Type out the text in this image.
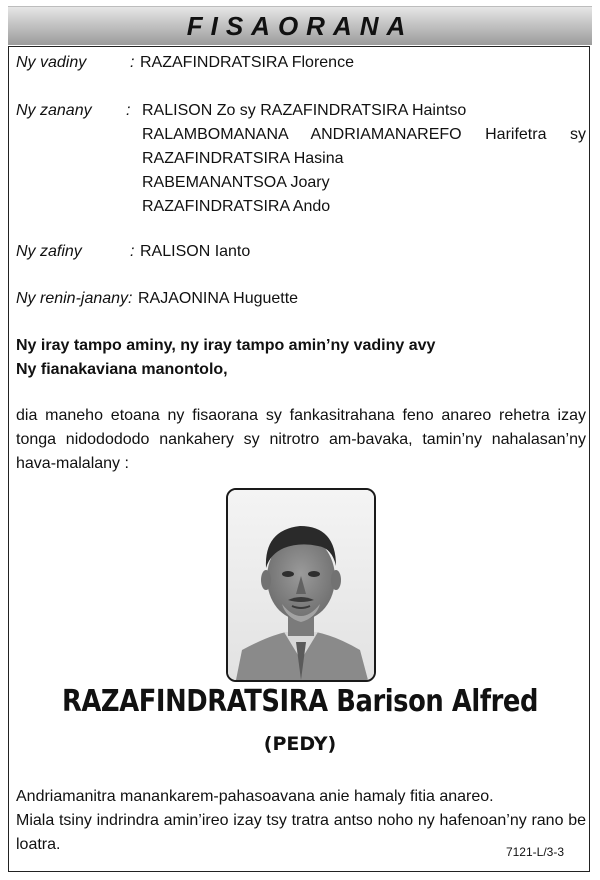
FISAORANA
Ny vadiny	: RAZAFINDRATSIRA Florence
Ny zanany : RALISON Zo sy RAZAFINDRATSIRA Haintso
RALAMBOMANANA ANDRIAMANAREFO Harifetra sy
RAZAFINDRATSIRA Hasina
RABEMANANTSOA Joary
RAZAFINDRATSIRA Ando
Ny zafiny	: RALISON Ianto
Ny renin-janany: RAJAONINA Huguette
Ny iray tampo aminy, ny iray tampo amin’ny vadiny avy
Ny fianakaviana manontolo,
dia maneho etoana ny fisaorana sy fankasitrahana feno anareo rehetra izay tonga nidodododo nankahery sy nitrotro am-bavaka, tamin’ny nahalasan’ny hava-malalany :
RAZAFINDRATSIRA Barison Alfred
(PEDY)
Andriamanitra manankarem-pahasoavana anie hamaly fitia anareo.
Miala tsiny indrindra amin’ireo izay tsy tratra antso noho ny hafenoan’ny rano be loatra.	7121-L/3-3
